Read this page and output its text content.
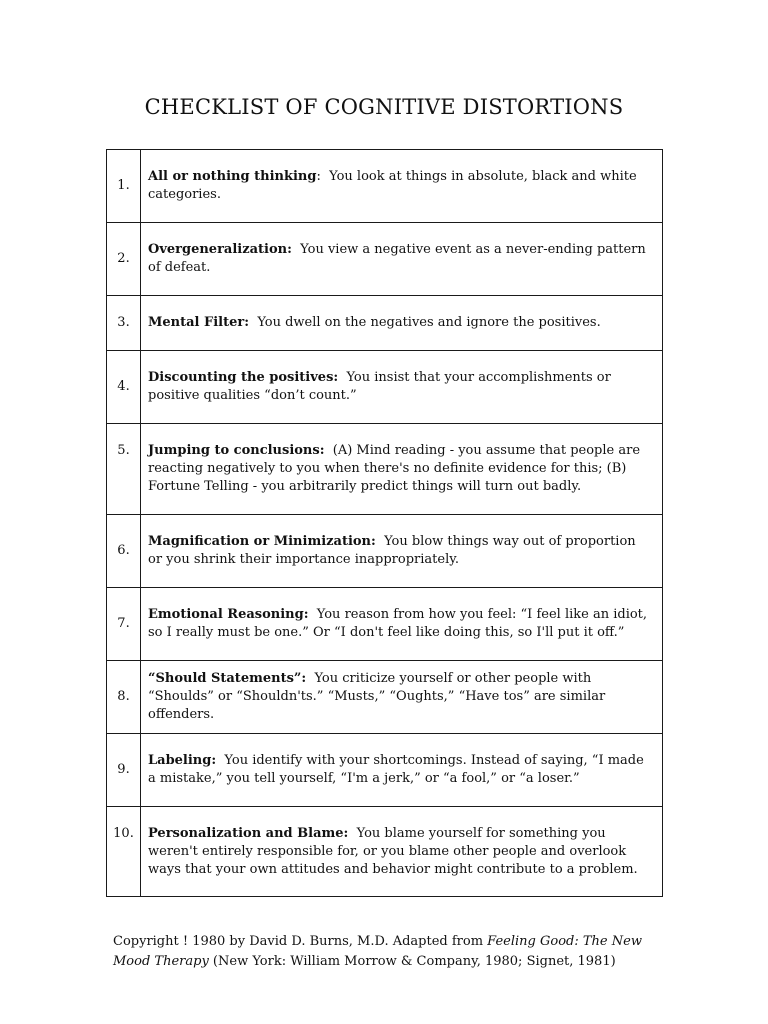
CHECKLIST OF COGNITIVE DISTORTIONS
1.	All or nothing thinking:  You look at things in absolute, black and white categories.
2.	Overgeneralization: You view a negative event as a never-ending pattern of defeat.
3.	Mental Filter: You dwell on the negatives and ignore the positives.
4.	Discounting the positives: You insist that your accomplishments or positive qualities “don’t count.”
5.	Jumping to conclusions: (A) Mind reading - you assume that people are reacting negatively to you when there's no definite evidence for this; (B) Fortune Telling - you arbitrarily predict things will turn out badly.
6.	Magnification or Minimization: You blow things way out of proportion or you shrink their importance inappropriately.
7.	Emotional Reasoning: You reason from how you feel: “I feel like an idiot, so I really must be one.” Or “I don't feel like doing this, so I'll put it off.”
8.	“Should Statements”: You criticize yourself or other people with “Shoulds” or “Shouldn'ts.” “Musts,” “Oughts,” “Have tos” are similar offenders.
9.	Labeling: You identify with your shortcomings. Instead of saying, “I made a mistake,” you tell yourself, “I'm a jerk,” or “a fool,” or “a loser.”
10.	Personalization and Blame: You blame yourself for something you weren't entirely responsible for, or you blame other people and overlook ways that your own attitudes and behavior might contribute to a problem.
Copyright ! 1980 by David D. Burns, M.D. Adapted from Feeling Good: The New Mood Therapy (New York: William Morrow & Company, 1980; Signet, 1981)
